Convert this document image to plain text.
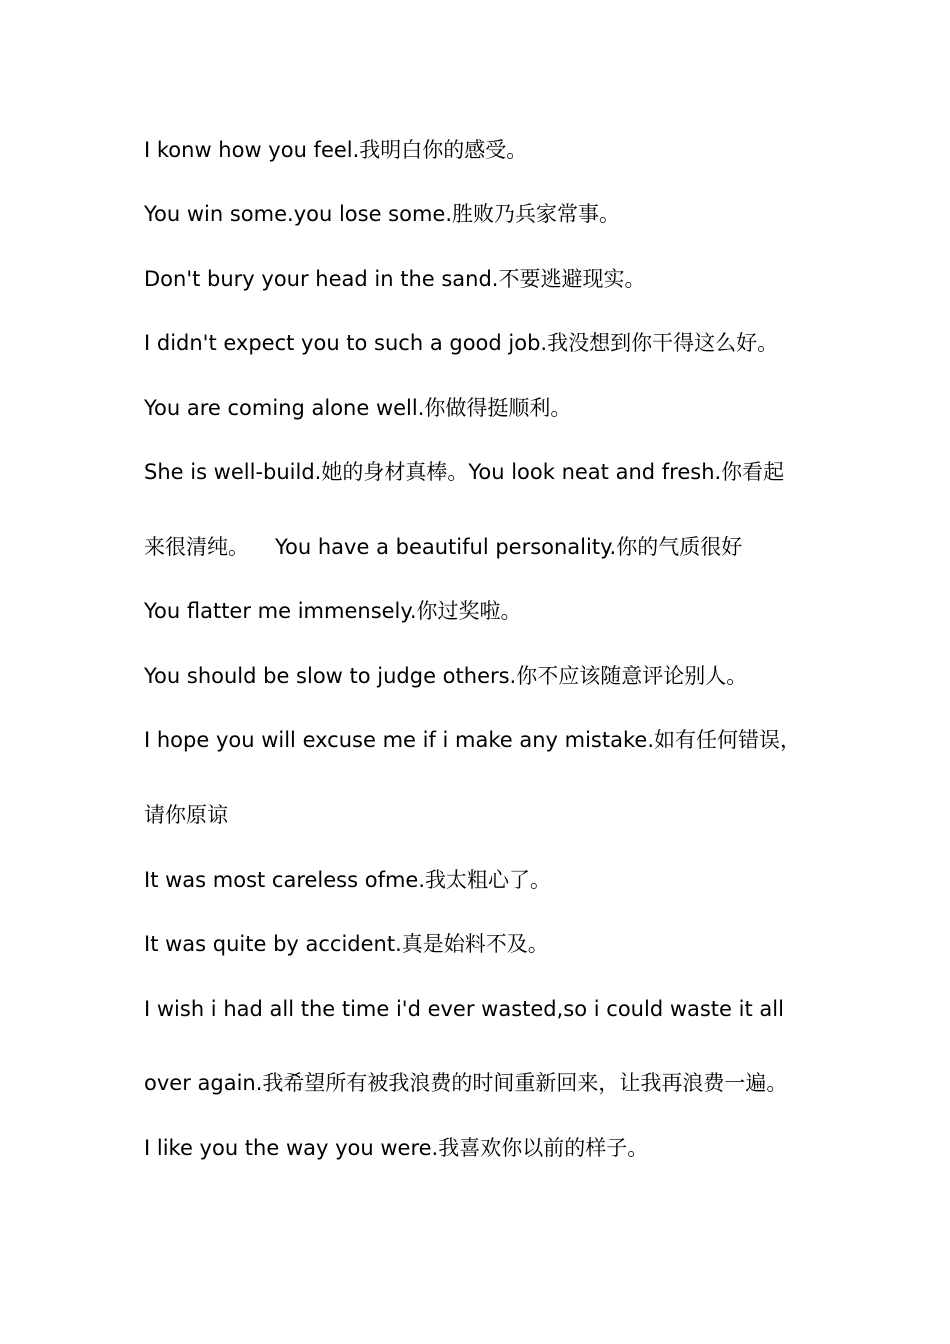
I konw how you feel.我明白你的感受。
You win some.you lose some.胜败乃兵家常事。
Don't bury your head in the sand.不要逃避现实。
I didn't expect you to such a good job.我没想到你干得这么好。
You are coming alone well.你做得挺顺利。
She is well-build.她的身材真棒。You look neat and fresh.你看起
来很清纯。 You have a beautiful personality.你的气质很好
You flatter me immensely.你过奖啦。
You should be slow to judge others.你不应该随意评论别人。
I hope you will excuse me if i make any mistake.如有任何错误，
请你原谅
It was most careless ofme.我太粗心了。
It was quite by accident.真是始料不及。
I wish i had all the time i'd ever wasted,so i could waste it all
over again.我希望所有被我浪费的时间重新回来，让我再浪费一遍。
I like you the way you were.我喜欢你以前的样子。
